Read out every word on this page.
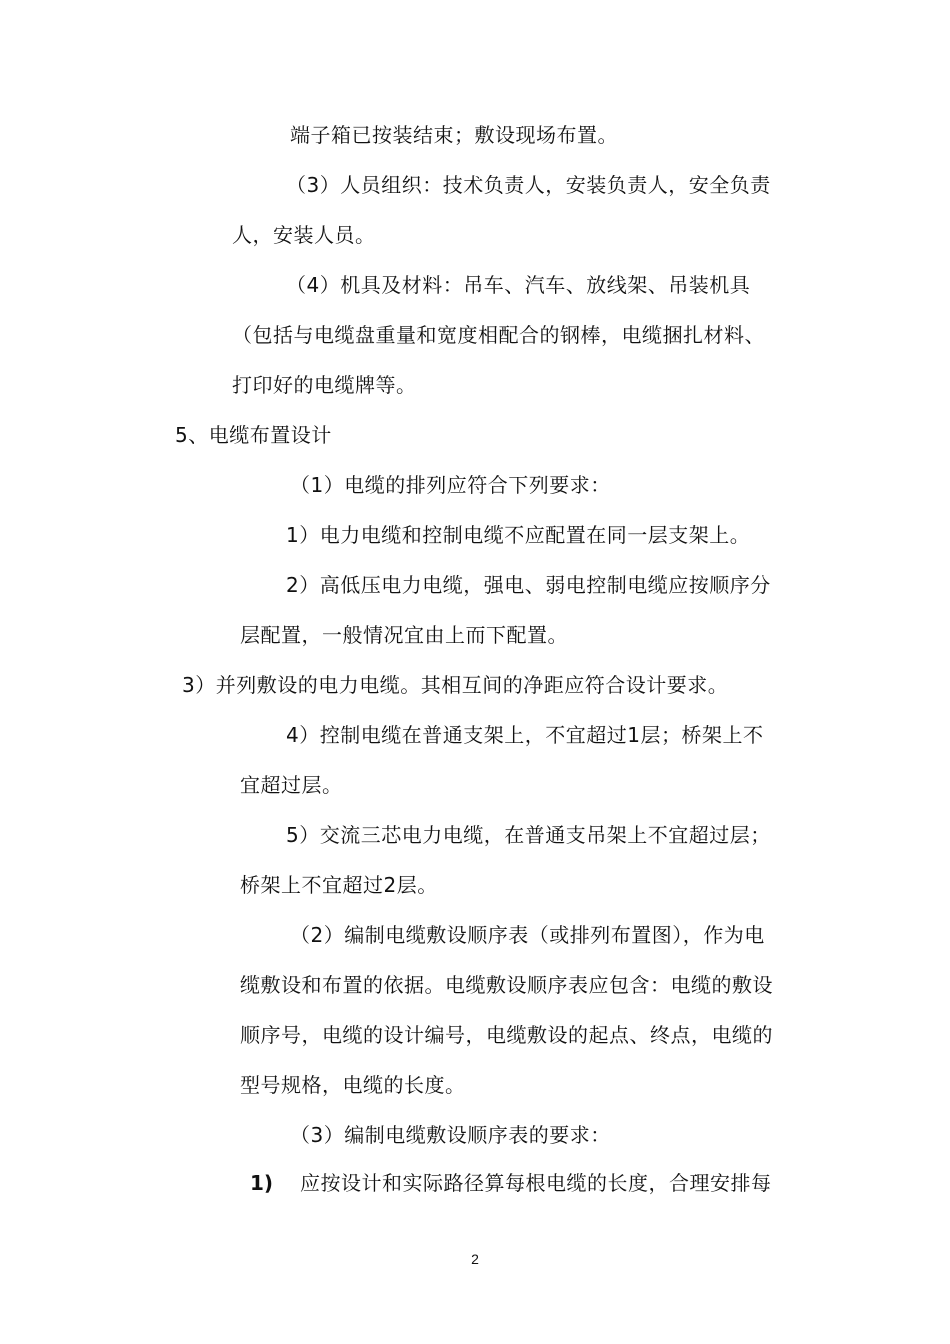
端子箱已按装结束；敷设现场布置。
（3）人员组织：技术负责人，安装负责人，安全负责
人，安装人员。
（4）机具及材料：吊车、汽车、放线架、吊装机具
（包括与电缆盘重量和宽度相配合的钢棒，电缆捆扎材料、
打印好的电缆牌等。
5、电缆布置设计
（1）电缆的排列应符合下列要求：
1）电力电缆和控制电缆不应配置在同一层支架上。
2）高低压电力电缆，强电、弱电控制电缆应按顺序分
层配置，一般情况宜由上而下配置。
3）并列敷设的电力电缆。其相互间的净距应符合设计要求。
4）控制电缆在普通支架上，不宜超过1层；桥架上不
宜超过层。
5）交流三芯电力电缆，在普通支吊架上不宜超过层；
桥架上不宜超过2层。
（2）编制电缆敷设顺序表（或排列布置图），作为电
缆敷设和布置的依据。电缆敷设顺序表应包含：电缆的敷设
顺序号，电缆的设计编号，电缆敷设的起点、终点，电缆的
型号规格，电缆的长度。
（3）编制电缆敷设顺序表的要求：
1) 应按设计和实际路径算每根电缆的长度，合理安排每
2
